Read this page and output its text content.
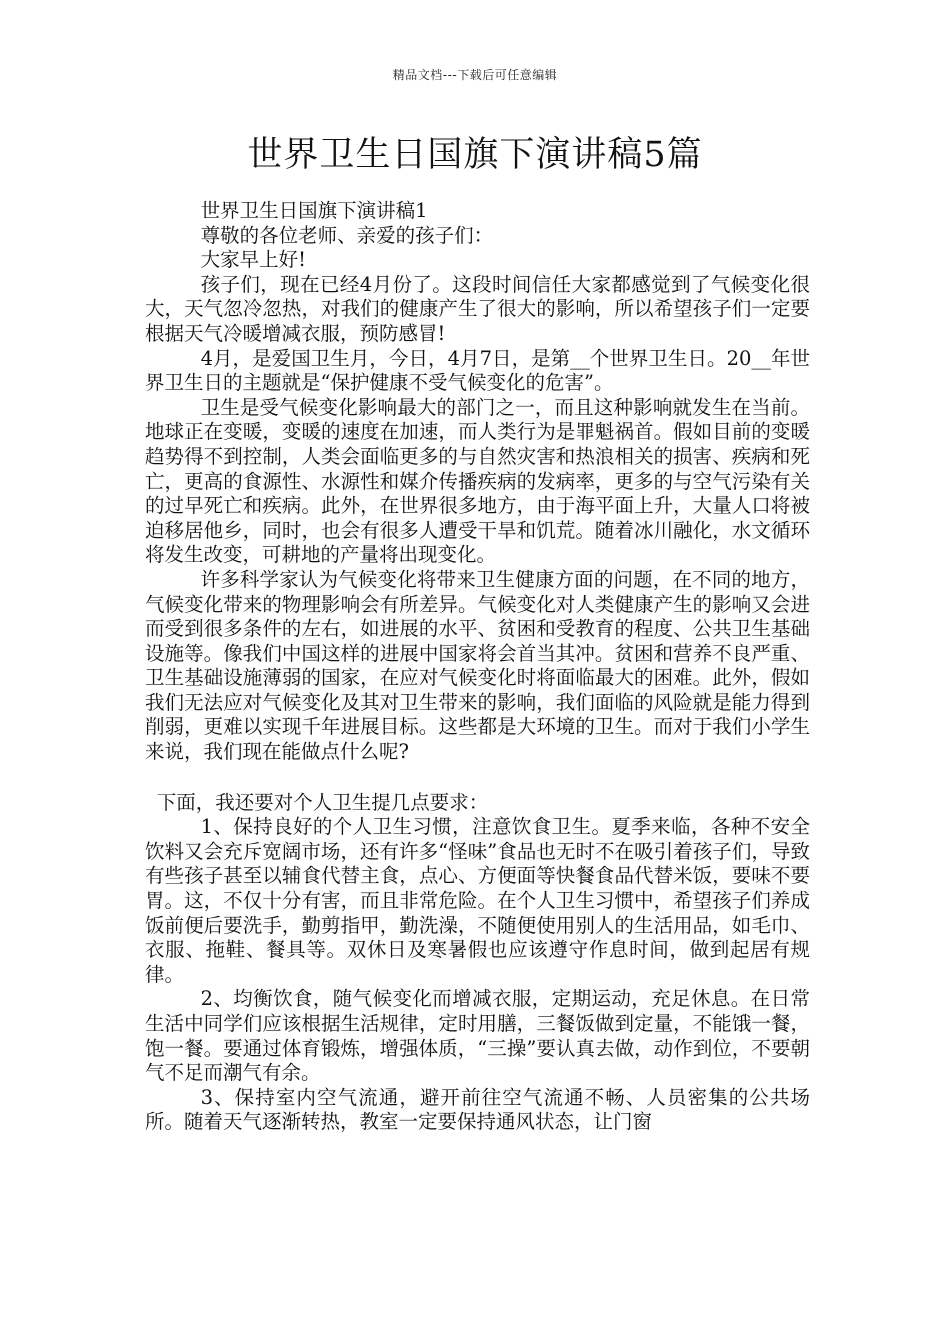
精品文档---下载后可任意编辑
世界卫生日国旗下演讲稿5篇

世界卫生日国旗下演讲稿1

尊敬的各位老师、亲爱的孩子们：

大家早上好!

孩子们，现在已经4月份了。这段时间信任大家都感觉到了气候变化很大，天气忽冷忽热，对我们的健康产生了很大的影响，所以希望孩子们一定要根据天气冷暖增减衣服，预防感冒!

4月，是爱国卫生月，今日，4月7日，是第__个世界卫生日。20__年世界卫生日的主题就是“保护健康不受气候变化的危害”。

卫生是受气候变化影响最大的部门之一，而且这种影响就发生在当前。地球正在变暖，变暖的速度在加速，而人类行为是罪魁祸首。假如目前的变暖趋势得不到控制，人类会面临更多的与自然灾害和热浪相关的损害、疾病和死亡，更高的食源性、水源性和媒介传播疾病的发病率，更多的与空气污染有关的过早死亡和疾病。此外，在世界很多地方，由于海平面上升，大量人口将被迫移居他乡，同时，也会有很多人遭受干旱和饥荒。随着冰川融化，水文循环将发生改变，可耕地的产量将出现变化。

许多科学家认为气候变化将带来卫生健康方面的问题，在不同的地方，气候变化带来的物理影响会有所差异。气候变化对人类健康产生的影响又会进而受到很多条件的左右，如进展的水平、贫困和受教育的程度、公共卫生基础设施等。像我们中国这样的进展中国家将会首当其冲。贫困和营养不良严重、卫生基础设施薄弱的国家，在应对气候变化时将面临最大的困难。此外，假如我们无法应对气候变化及其对卫生带来的影响，我们面临的风险就是能力得到削弱，更难以实现千年进展目标。这些都是大环境的卫生。而对于我们小学生来说，我们现在能做点什么呢?

下面，我还要对个人卫生提几点要求：

1、保持良好的个人卫生习惯，注意饮食卫生。夏季来临，各种不安全饮料又会充斥宽阔市场，还有许多“怪味”食品也无时不在吸引着孩子们，导致有些孩子甚至以辅食代替主食，点心、方便面等快餐食品代替米饭，要味不要胃。这，不仅十分有害，而且非常危险。在个人卫生习惯中，希望孩子们养成饭前便后要洗手，勤剪指甲，勤洗澡，不随便使用别人的生活用品，如毛巾、衣服、拖鞋、餐具等。双休日及寒暑假也应该遵守作息时间，做到起居有规律。

2、均衡饮食，随气候变化而增减衣服，定期运动，充足休息。在日常生活中同学们应该根据生活规律，定时用膳，三餐饭做到定量，不能饿一餐，饱一餐。要通过体育锻炼，增强体质，“三操”要认真去做，动作到位，不要朝气不足而潮气有余。

3、保持室内空气流通，避开前往空气流通不畅、人员密集的公共场所。随着天气逐渐转热，教室一定要保持通风状态，让门窗
